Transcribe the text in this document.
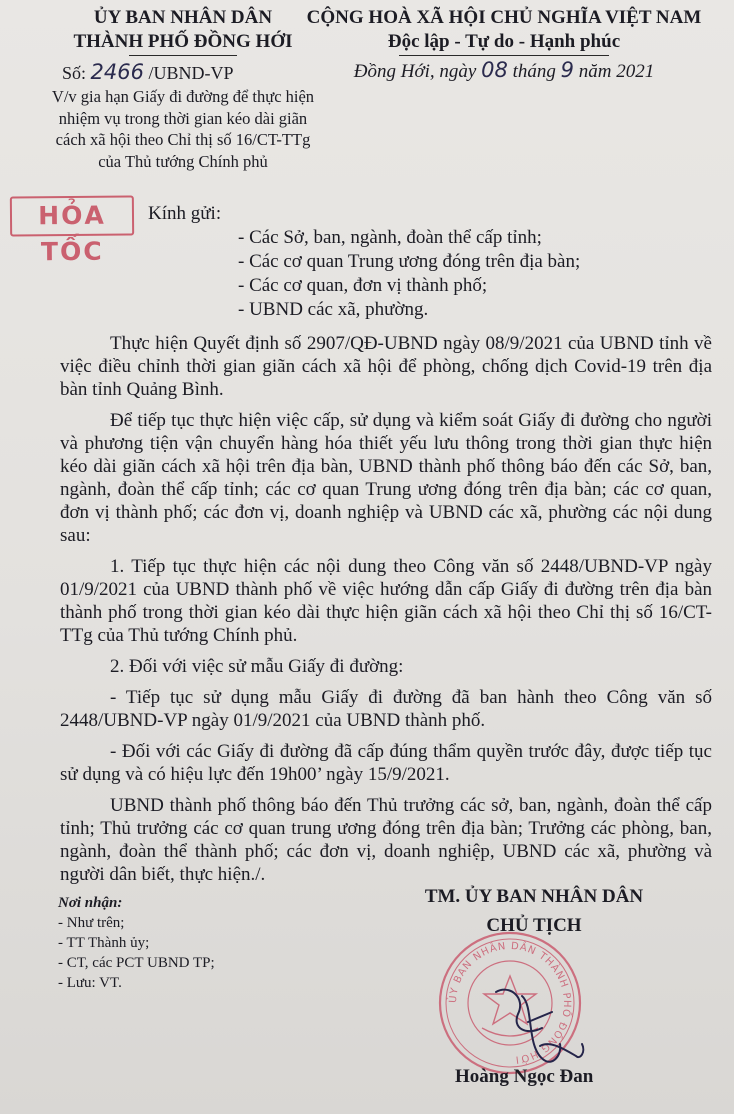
ỦY BAN NHÂN DÂN
THÀNH PHỐ ĐỒNG HỚI
CỘNG HOÀ XÃ HỘI CHỦ NGHĨA VIỆT NAM
Độc lập - Tự do - Hạnh phúc
Số: 2466 /UBND-VP	Đồng Hới, ngày 08 tháng 9 năm 2021
V/v gia hạn Giấy đi đường để thực hiện nhiệm vụ trong thời gian kéo dài giãn cách xã hội theo Chỉ thị số 16/CT-TTg của Thủ tướng Chính phủ
HỎA TỐC
Kính gửi:
- Các Sở, ban, ngành, đoàn thể cấp tỉnh;
- Các cơ quan Trung ương đóng trên địa bàn;
- Các cơ quan, đơn vị thành phố;
- UBND các xã, phường.

Thực hiện Quyết định số 2907/QĐ-UBND ngày 08/9/2021 của UBND tỉnh về việc điều chỉnh thời gian giãn cách xã hội để phòng, chống dịch Covid-19 trên địa bàn tỉnh Quảng Bình.

Để tiếp tục thực hiện việc cấp, sử dụng và kiểm soát Giấy đi đường cho người và phương tiện vận chuyển hàng hóa thiết yếu lưu thông trong thời gian thực hiện kéo dài giãn cách xã hội trên địa bàn, UBND thành phố thông báo đến các Sở, ban, ngành, đoàn thể cấp tỉnh; các cơ quan Trung ương đóng trên địa bàn; các cơ quan, đơn vị thành phố; các đơn vị, doanh nghiệp và UBND các xã, phường các nội dung sau:

1. Tiếp tục thực hiện các nội dung theo Công văn số 2448/UBND-VP ngày 01/9/2021 của UBND thành phố về việc hướng dẫn cấp Giấy đi đường trên địa bàn thành phố trong thời gian kéo dài thực hiện giãn cách xã hội theo Chỉ thị số 16/CT-TTg của Thủ tướng Chính phủ.

2. Đối với việc sử mẫu Giấy đi đường:

- Tiếp tục sử dụng mẫu Giấy đi đường đã ban hành theo Công văn số 2448/UBND-VP ngày 01/9/2021 của UBND thành phố.

- Đối với các Giấy đi đường đã cấp đúng thẩm quyền trước đây, được tiếp tục sử dụng và có hiệu lực đến 19h00’ ngày 15/9/2021.

UBND thành phố thông báo đến Thủ trưởng các sở, ban, ngành, đoàn thể cấp tỉnh; Thủ trưởng các cơ quan trung ương đóng trên địa bàn; Trưởng các phòng, ban, ngành, đoàn thể thành phố; các đơn vị, doanh nghiệp, UBND các xã, phường và người dân biết, thực hiện./.

Nơi nhận:
- Như trên;
- TT Thành ủy;
- CT, các PCT UBND TP;
- Lưu: VT.
TM. ỦY BAN NHÂN DÂN
CHỦ TỊCH
ỦY BAN NHÂN DÂN THÀNH PHỐ ĐỒNG HỚI
Hoàng Ngọc Đan
